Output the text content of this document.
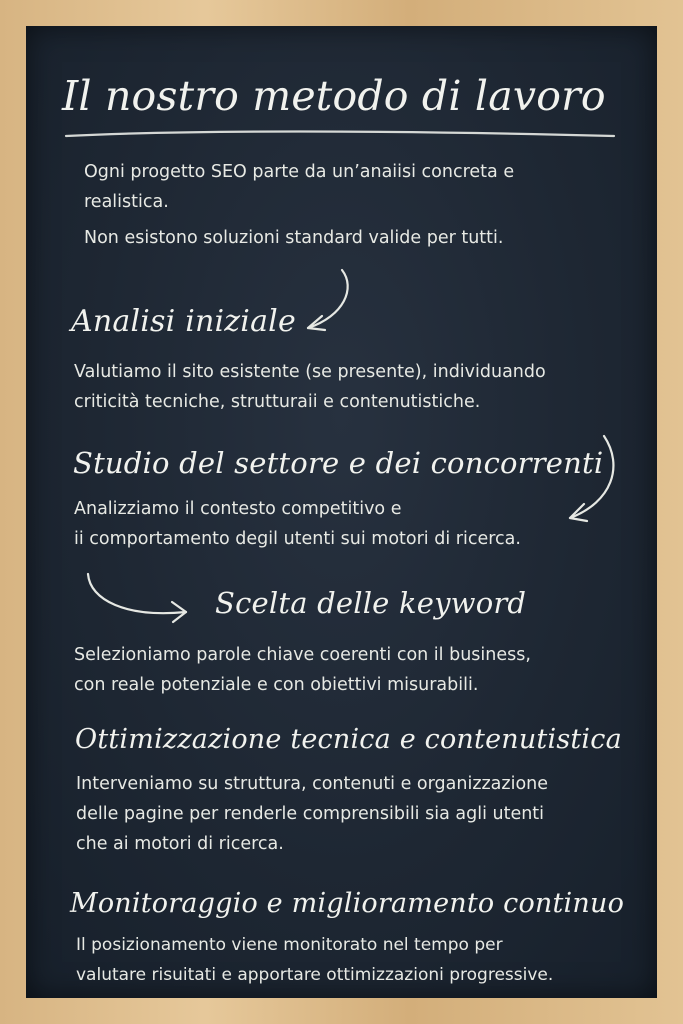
Il nostro metodo di lavoro
Ogni progetto SEO parte da un’anaiisi concreta e
realistica.
Non esistono soluzioni standard valide per tutti.
Analisi iniziale
Valutiamo il sito esistente (se presente), individuando
criticità tecniche, strutturaii e contenutistiche.
Studio del settore e dei concorrenti
Analizziamo il contesto competitivo e
ii comportamento degil utenti sui motori di ricerca.
Scelta delle keyword
Selezioniamo parole chiave coerenti con il business,
con reale potenziale e con obiettivi misurabili.
Ottimizzazione tecnica e contenutistica
Interveniamo su struttura, contenuti e organizzazione
delle pagine per renderle comprensibili sia agli utenti
che ai motori di ricerca.
Monitoraggio e miglioramento continuo
Il posizionamento viene monitorato nel tempo per
valutare risuitati e apportare ottimizzazioni progressive.
